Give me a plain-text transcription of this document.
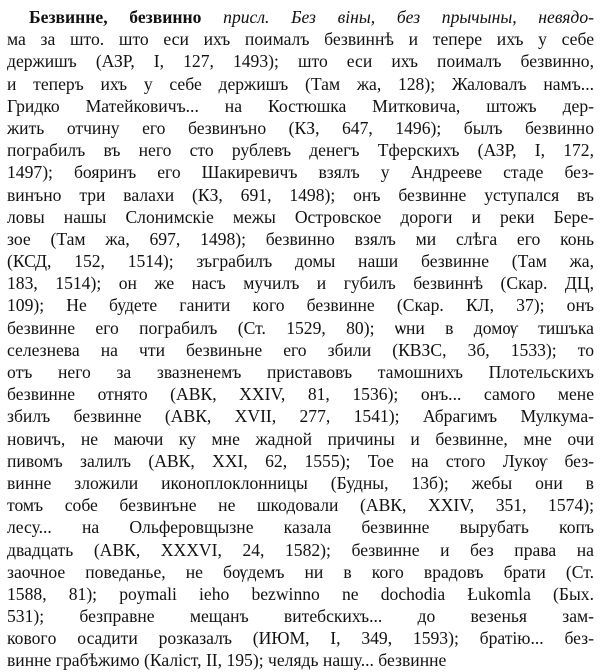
Безвинне, безвинно присл. Без віны, без прычыны, невядо-
ма за што. што еси ихъ поималъ безвиннѣ и тепере ихъ у себе
держишъ (АЗР, І, 127, 1493); што еси ихъ поималъ безвинно,
и теперъ ихъ у себе держишъ (Там жа, 128); Жаловалъ намъ...
Гридко Матейковичъ... на Костюшка Митковича, штожъ дер-
жить отчину его безвинъно (КЗ, 647, 1496); былъ безвинно
пограбилъ въ него сто рублевъ денегъ Тферскихъ (АЗР, І, 172,
1497); бояринъ его Шакиревичъ взялъ у Андрееве стаде без-
винъно три валахи (КЗ, 691, 1498); онъ безвинне уступался въ
ловы нашы Слонимскіе межы Островское дороги и реки Бере-
зое (Там жа, 697, 1498); безвинно взялъ ми слѣга его конь
(КСД, 152, 1514); зъграбилъ домы наши безвинне (Там жа,
183, 1514); он же насъ мучилъ и губилъ безвиннѣ (Скар. ДЦ,
109); Не будете ганити кого безвинне (Скар. КЛ, 37); онъ
безвинне его пограбилъ (Ст. 1529, 80); ѡни в домѹ тишъка
селезнева на чти безвиньне его збили (КВЗС, 3б, 1533); то
отъ него за звазненемъ приставовъ тамошнихъ Плотельскихъ
безвинне отнято (АВК, XXIV, 81, 1536); онъ... самого мене
збилъ безвинне (АВК, XVII, 277, 1541); Абрагимъ Мулкума-
новичъ, не маючи ку мне жадной причины и безвинне, мне очи
пивомъ залилъ (АВК, XXI, 62, 1555); Тое на стого Лукѹ без-
винне зложили иконоплоклонницы (Будны, 13б); жебы они в
томъ собе безвинъне не шкодовали (АВК, XXIV, 351, 1574);
лесу... на Ольферовщызне казала безвинне вырубать копъ
двадцать (АВК, XXXVI, 24, 1582); безвинне и без права на
заочное поведанье, не бѹдемъ ни в кого врадовъ брати (Ст.
1588, 81); poymali ieho bezwinno ne dochodia Łukomla (Бых.
531); безправне мещанъ витебскихъ... до везенья зам-
ковогo осадити розказалъ (ИЮМ, І, 349, 1593); братію... без-
винне грабѣжимо (Каліст, ІІ, 195); челядь нашу... безвинне
